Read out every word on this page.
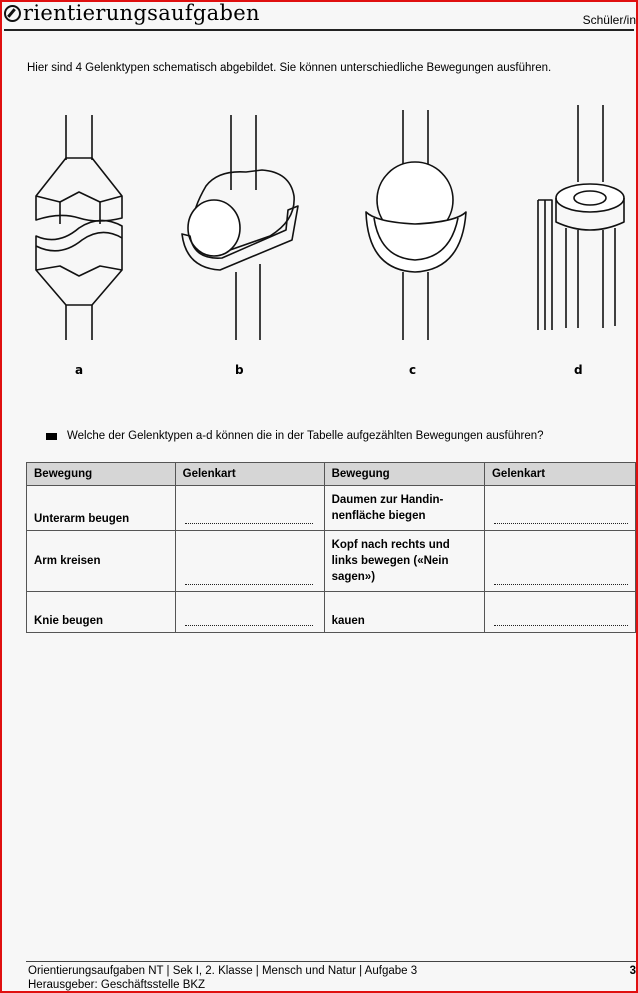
rientierungsaufgaben	Schüler/in
Hier sind 4 Gelenktypen schematisch abgebildet. Sie können unterschiedliche Bewegungen ausführen.
a	b	c	d
Welche der Gelenktypen a-d können die in der Tabelle aufgezählten Bewegungen ausführen?
Bewegung	Gelenkart	Bewegung	Gelenkart
Unterarm beugen		Daumen zur Handin-
nenfläche biegen	

Arm kreisen		Kopf nach rechts und
links bewegen («Nein
sagen»)	

Knie beugen		kauen	
Orientierungsaufgaben NT | Sek I, 2. Klasse | Mensch und Natur | Aufgabe 3
Herausgeber: Geschäftsstelle BKZ
3
